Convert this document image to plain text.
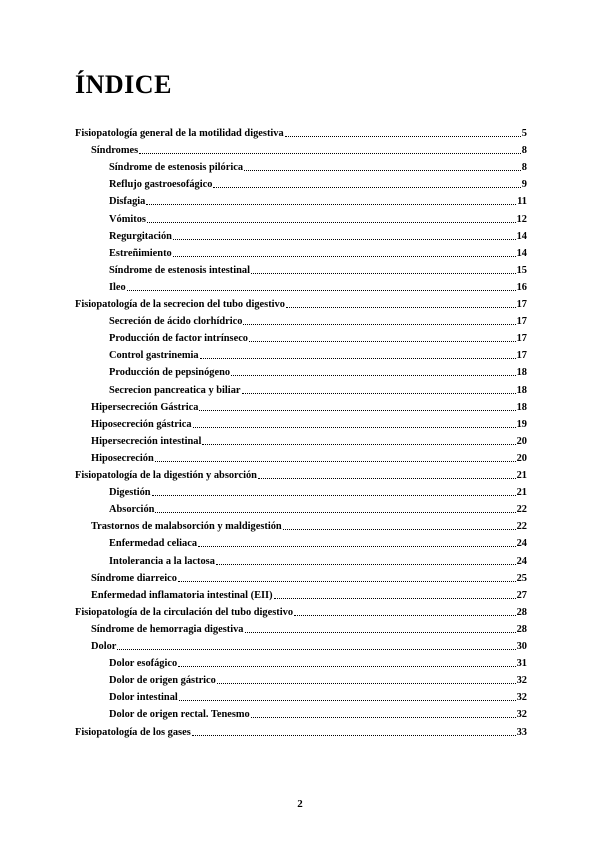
ÍNDICE
Fisiopatología general de la motilidad digestiva	5
Síndromes	8
Síndrome de estenosis pilórica	8
Reflujo gastroesofágico	9
Disfagia	11
Vómitos	12
Regurgitación	14
Estreñimiento	14
Síndrome de estenosis intestinal	15
Ileo	16
Fisiopatología de la secrecion del tubo digestivo	17
Secreción de ácido clorhídrico	17
Producción de factor intrínseco	17
Control gastrinemia	17
Producción de pepsinógeno	18
Secrecion pancreatica y biliar	18
Hipersecreción Gástrica	18
Hiposecreción gástrica	19
Hipersecreción intestinal	20
Hiposecreción	20
Fisiopatología de la digestión y absorción	21
Digestión	21
Absorción	22
Trastornos de malabsorción y maldigestión	22
Enfermedad celiaca	24
Intolerancia a la lactosa	24
Síndrome diarreico	25
Enfermedad inflamatoria intestinal (EII)	27
Fisiopatología de la circulación del tubo digestivo	28
Síndrome de hemorragia digestiva	28
Dolor	30
Dolor esofágico	31
Dolor de origen gástrico	32
Dolor intestinal	32
Dolor de origen rectal. Tenesmo	32
Fisiopatología de los gases	33
2
